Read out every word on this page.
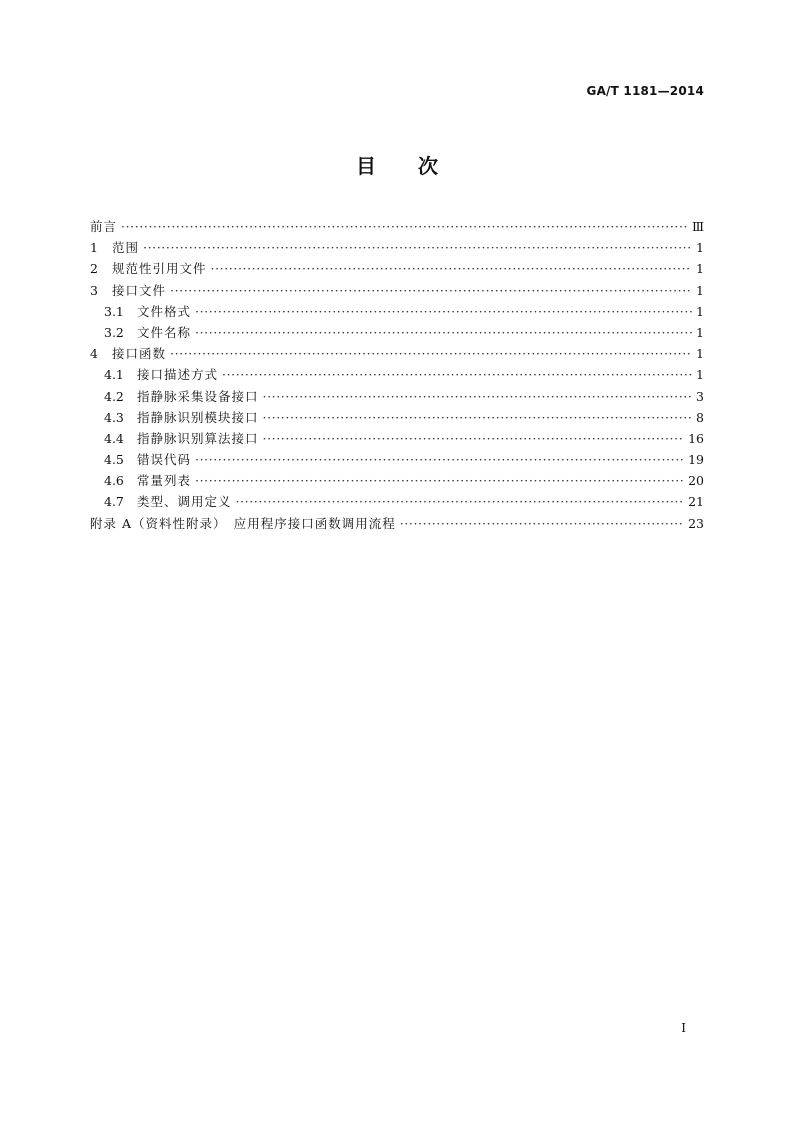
GA/T 1181—2014
目 次
前言 ·····	Ⅲ
1	范围 ·····	1
2	规范性引用文件 ·····	1
3	接口文件 ·····	1
3.1	文件格式 ·····	1
3.2	文件名称 ·····	1
4	接口函数 ·····	1
4.1	接口描述方式 ·····	1
4.2	指静脉采集设备接口 ·····	3
4.3	指静脉识别模块接口 ·····	8
4.4	指静脉识别算法接口 ·····	16
4.5	错误代码 ·····	19
4.6	常量列表 ·····	20
4.7	类型、调用定义 ·····	21
附录 A（资料性附录）　应用程序接口函数调用流程 ·····	23
I
